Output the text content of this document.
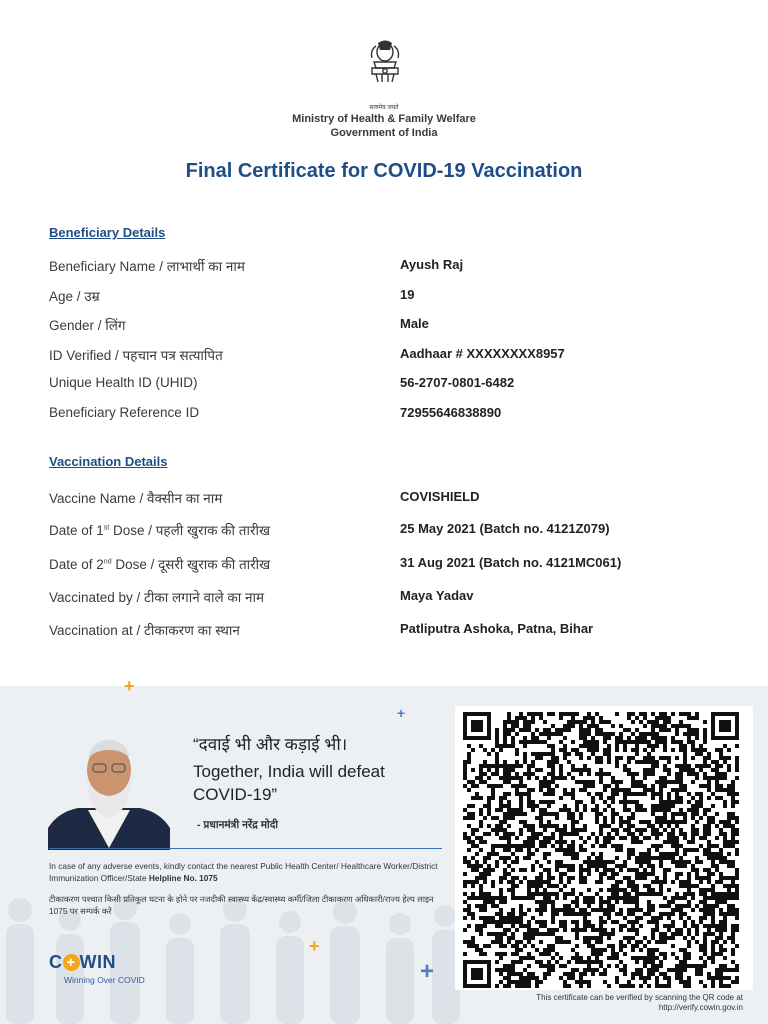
सत्यमेव जयते
Ministry of Health & Family Welfare
Government of India
Final Certificate for COVID-19 Vaccination
Beneficiary Details
Beneficiary Name / लाभार्थी का नाम	Ayush Raj
Age / उम्र	19
Gender / लिंग	Male
ID Verified / पहचान पत्र सत्यापित	Aadhaar # XXXXXXXX8957
Unique Health ID (UHID)	56-2707-0801-6482
Beneficiary Reference ID	72955646838890
Vaccination Details
Vaccine Name / वैक्सीन का नाम	COVISHIELD
Date of 1st Dose / पहली खुराक की तारीख	25 May 2021 (Batch no. 4121Z079)
Date of 2nd Dose / दूसरी खुराक की तारीख	31 Aug 2021 (Batch no. 4121MC061)
Vaccinated by / टीका लगाने वाले का नाम	Maya Yadav
Vaccination at / टीकाकरण का स्थान	Patliputra Ashoka, Patna, Bihar
+
+
+
+
“दवाई भी और कड़ाई भी।
Together, India will defeat COVID-19”
- प्रधानमंत्री नरेंद्र मोदी
In case of any adverse events, kindly contact the nearest Public Health Center/ Healthcare Worker/District Immunization Officer/State Helpline No. 1075
टीकाकरण पश्चात किसी प्रतिकूल घटना के होने पर नजदीकी स्वास्थ्य केंद्र/स्वास्थ्य कर्मी/जिला टीकाकरण अधिकारी/राज्य हेल्प लाइन 1075 पर सम्पर्क करें
C + WIN
Winning Over COVID
This certificate can be verified by scanning the QR code at
http://verify.cowin.gov.in
